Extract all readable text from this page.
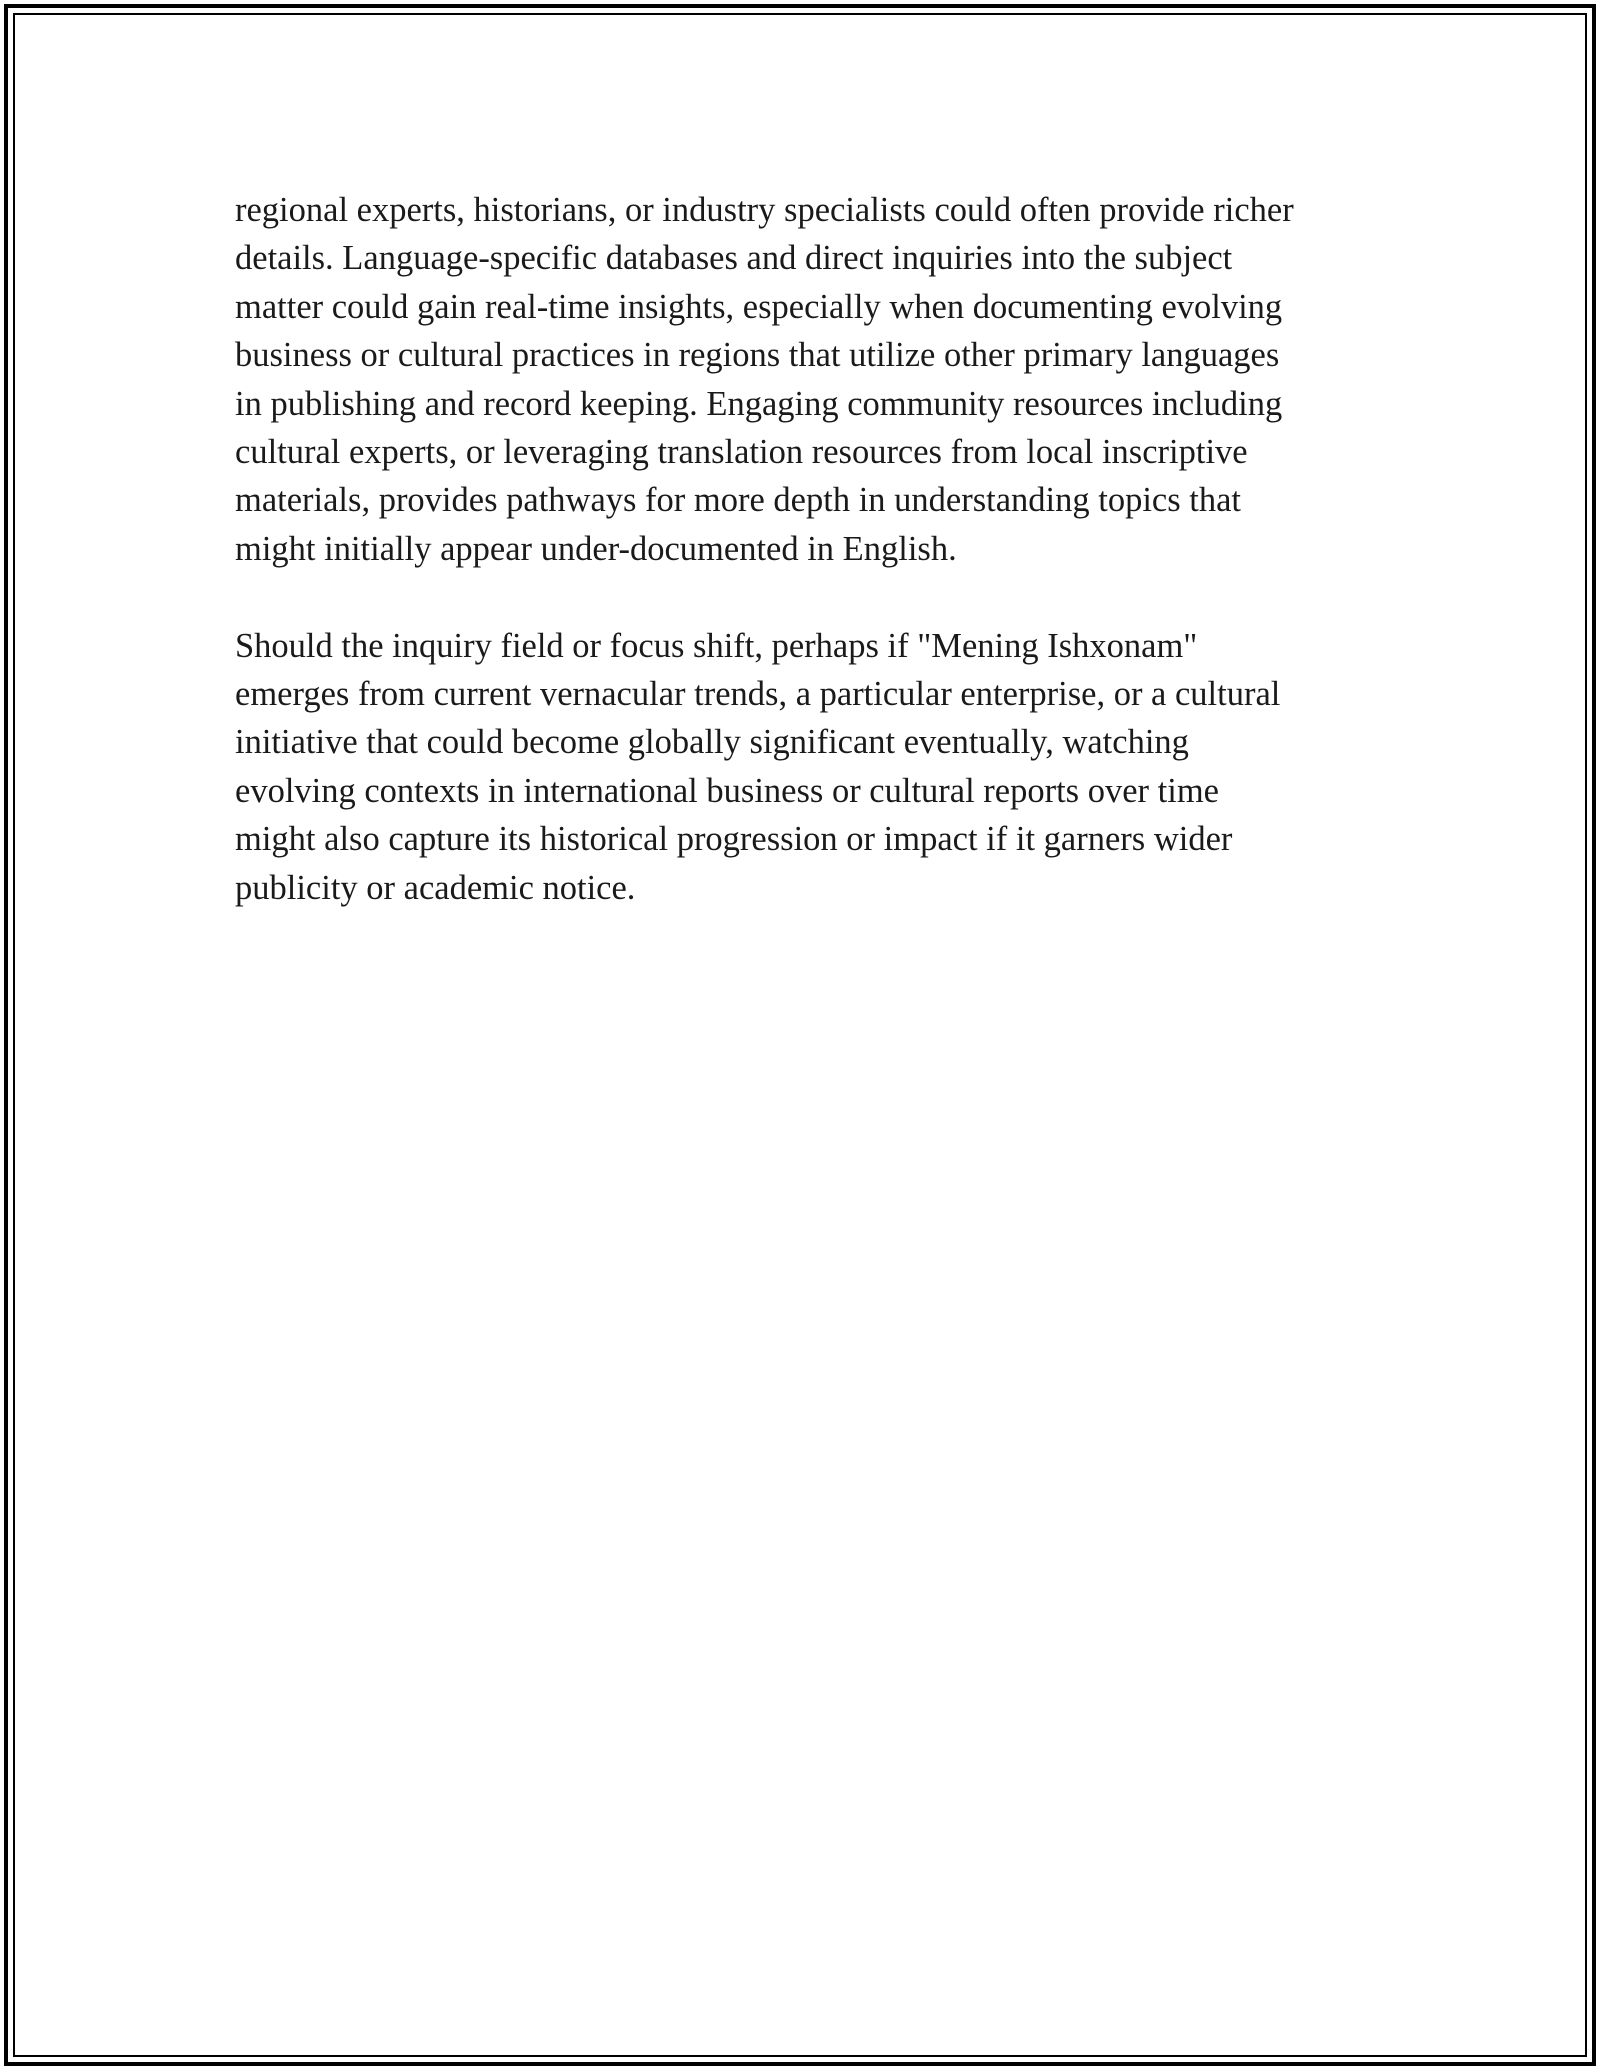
regional experts, historians, or industry specialists could often provide richer
details. Language-specific databases and direct inquiries into the subject
matter could gain real-time insights, especially when documenting evolving
business or cultural practices in regions that utilize other primary languages
in publishing and record keeping. Engaging community resources including
cultural experts, or leveraging translation resources from local inscriptive
materials, provides pathways for more depth in understanding topics that
might initially appear under-documented in English.

Should the inquiry field or focus shift, perhaps if "Mening Ishxonam"
emerges from current vernacular trends, a particular enterprise, or a cultural
initiative that could become globally significant eventually, watching
evolving contexts in international business or cultural reports over time
might also capture its historical progression or impact if it garners wider
publicity or academic notice.
